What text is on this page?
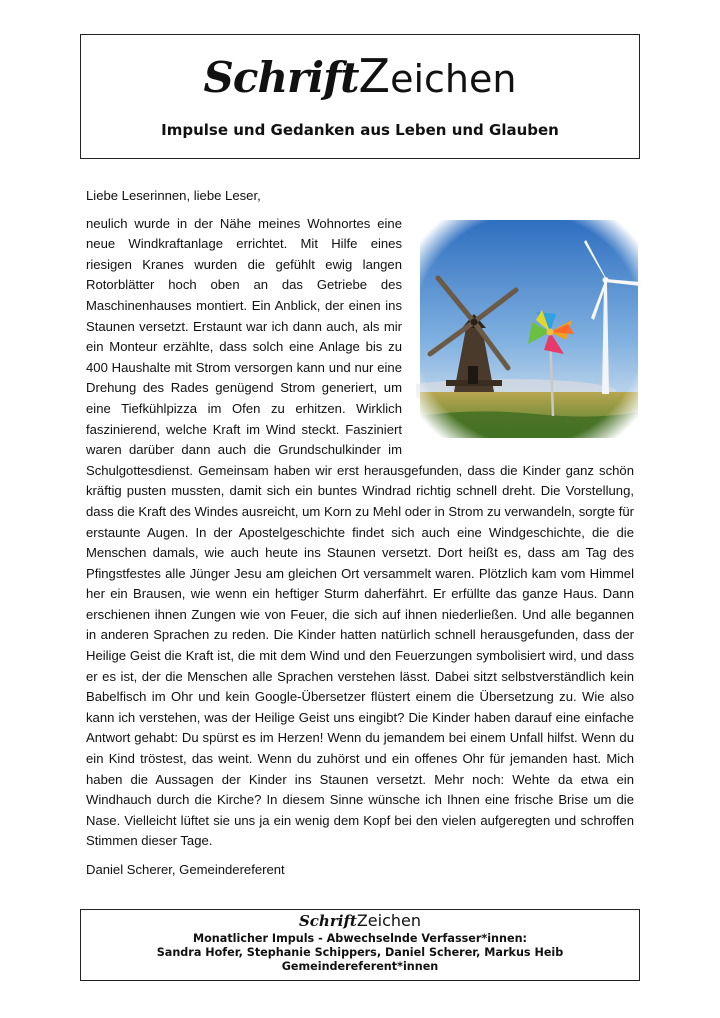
SchriftZeichen
Impulse und Gedanken aus Leben und Glauben

Liebe Leserinnen, liebe Leser,

neulich wurde in der Nähe meines Wohnortes eine neue Windkraftanlage errichtet. Mit Hilfe eines riesigen Kranes wurden die gefühlt ewig langen Rotorblätter hoch oben an das Getriebe des Maschinenhauses montiert. Ein Anblick, der einen ins Staunen versetzt. Erstaunt war ich dann auch, als mir ein Monteur erzählte, dass solch eine Anlage bis zu 400 Haushalte mit Strom versorgen kann und nur eine Drehung des Rades genügend Strom generiert, um eine Tiefkühlpizza im Ofen zu erhitzen. Wirklich faszinierend, welche Kraft im Wind steckt. Fasziniert waren darüber dann auch die Grundschulkinder im Schulgottesdienst. Gemeinsam haben wir erst herausgefunden, dass die Kinder ganz schön kräftig pusten mussten, damit sich ein buntes Windrad richtig schnell dreht. Die Vorstellung, dass die Kraft des Windes ausreicht, um Korn zu Mehl oder in Strom zu verwandeln, sorgte für erstaunte Augen. In der Apostelgeschichte findet sich auch eine Windgeschichte, die die Menschen damals, wie auch heute ins Staunen versetzt. Dort heißt es, dass am Tag des Pfingstfestes alle Jünger Jesu am gleichen Ort versammelt waren. Plötzlich kam vom Himmel her ein Brausen, wie wenn ein heftiger Sturm daherfährt. Er erfüllte das ganze Haus. Dann erschienen ihnen Zungen wie von Feuer, die sich auf ihnen niederließen. Und alle begannen in anderen Sprachen zu reden. Die Kinder hatten natürlich schnell herausgefunden, dass der Heilige Geist die Kraft ist, die mit dem Wind und den Feuerzungen symbolisiert wird, und dass er es ist, der die Menschen alle Sprachen verstehen lässt. Dabei sitzt selbstverständlich kein Babelfisch im Ohr und kein Google-Übersetzer flüstert einem die Übersetzung zu. Wie also kann ich verstehen, was der Heilige Geist uns eingibt? Die Kinder haben darauf eine einfache Antwort gehabt: Du spürst es im Herzen! Wenn du jemandem bei einem Unfall hilfst. Wenn du ein Kind tröstest, das weint. Wenn du zuhörst und ein offenes Ohr für jemanden hast. Mich haben die Aussagen der Kinder ins Staunen versetzt. Mehr noch: Wehte da etwa ein Windhauch durch die Kirche? In diesem Sinne wünsche ich Ihnen eine frische Brise um die Nase. Vielleicht lüftet sie uns ja ein wenig dem Kopf bei den vielen aufgeregten und schroffen Stimmen dieser Tage.

Daniel Scherer, Gemeindereferent

SchriftZeichen
Monatlicher Impuls - Abwechselnde Verfasser*innen:
Sandra Hofer, Stephanie Schippers, Daniel Scherer, Markus Heib
Gemeindereferent*innen
